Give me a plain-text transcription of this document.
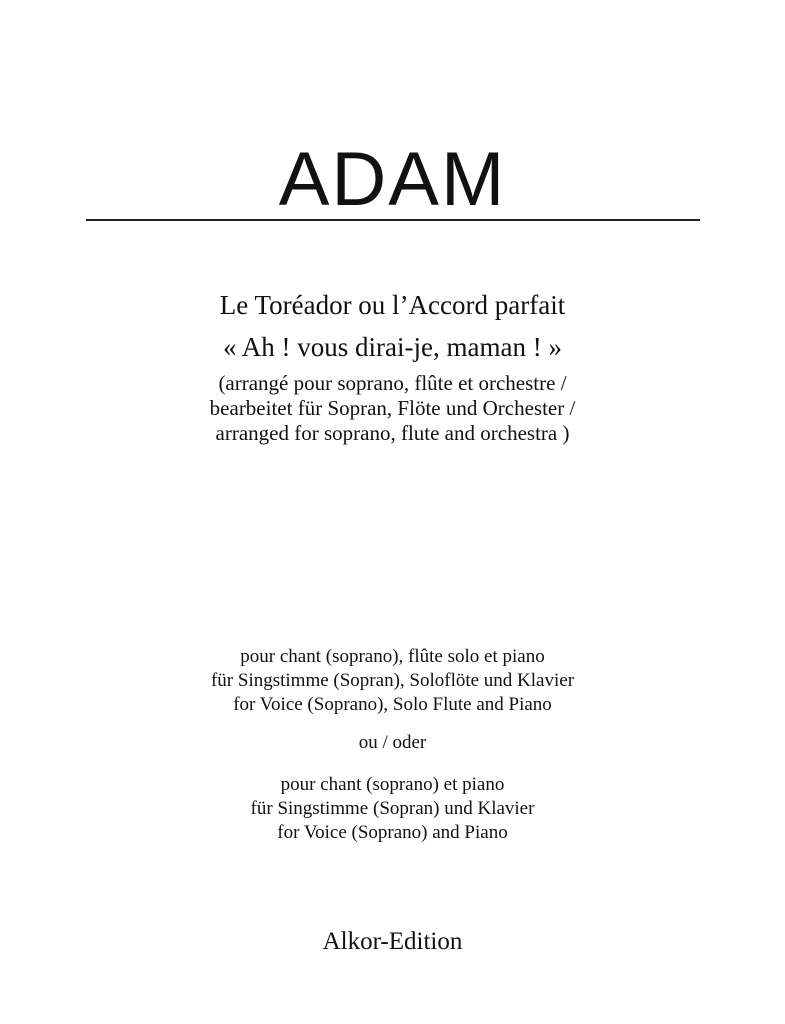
ADAM
Le Toréador ou l’Accord parfait
« Ah ! vous dirai-je, maman ! »
(arrangé pour soprano, flûte et orchestre /
bearbeitet für Sopran, Flöte und Orchester /
arranged for soprano, flute and orchestra )
pour chant (soprano), flûte solo et piano
für Singstimme (Sopran), Soloflöte und Klavier
for Voice (Soprano), Solo Flute and Piano
ou / oder
pour chant (soprano) et piano
für Singstimme (Sopran) und Klavier
for Voice (Soprano) and Piano
Alkor-Edition
